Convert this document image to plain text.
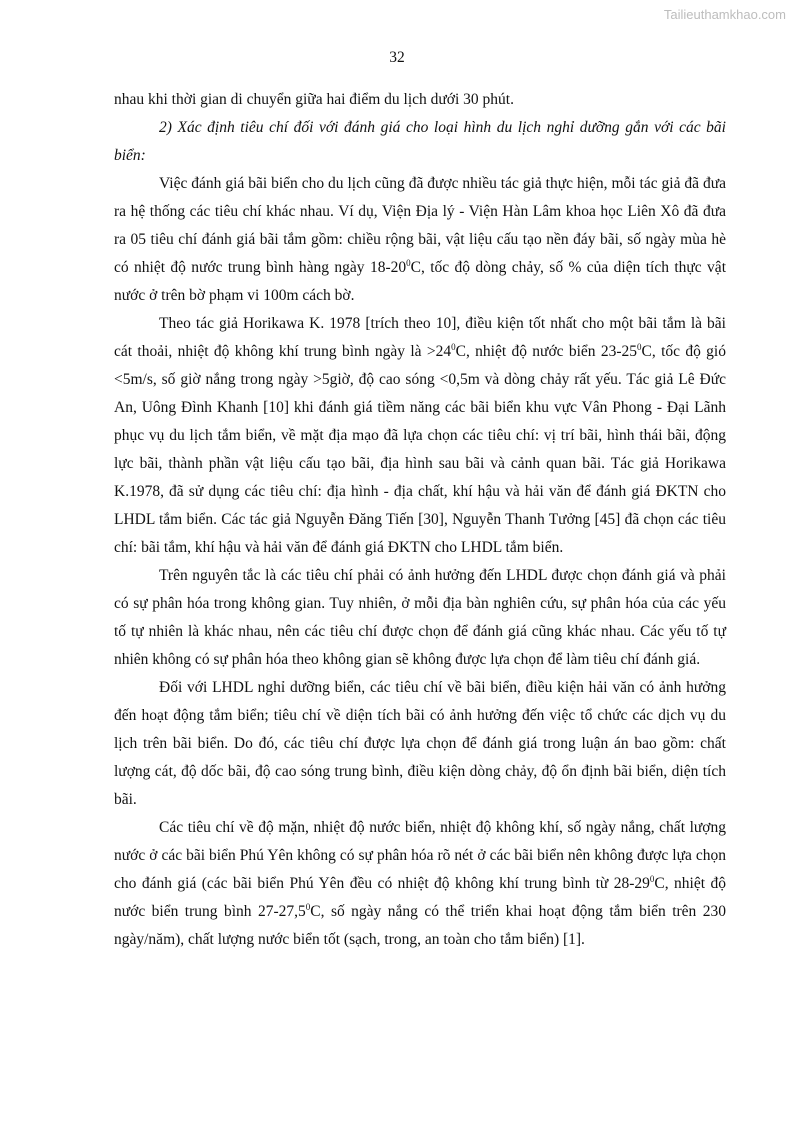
Tailieuthamkhao.com
32

nhau khi thời gian di chuyển giữa hai điểm du lịch dưới 30 phút.

2) Xác định tiêu chí đối với đánh giá cho loại hình du lịch nghỉ dưỡng gắn với các bãi biển:

Việc đánh giá bãi biển cho du lịch cũng đã được nhiều tác giả thực hiện, mỗi tác giả đã đưa ra hệ thống các tiêu chí khác nhau. Ví dụ, Viện Địa lý - Viện Hàn Lâm khoa học Liên Xô đã đưa ra 05 tiêu chí đánh giá bãi tắm gồm: chiều rộng bãi, vật liệu cấu tạo nền đáy bãi, số ngày mùa hè có nhiệt độ nước trung bình hàng ngày $18-20^0C$, tốc độ dòng chảy, số % của diện tích thực vật nước ở trên bờ phạm vi 100m cách bờ.

Theo tác giả Horikawa K. 1978 [trích theo 10], điều kiện tốt nhất cho một bãi tắm là bãi cát thoải, nhiệt độ không khí trung bình ngày là $>24^0C$, nhiệt độ nước biển $23-25^0C$, tốc độ gió <5m/s, số giờ nắng trong ngày >5giờ, độ cao sóng <0,5m và dòng chảy rất yếu. Tác giả Lê Đức An, Uông Đình Khanh [10] khi đánh giá tiềm năng các bãi biển khu vực Vân Phong - Đại Lãnh phục vụ du lịch tắm biển, về mặt địa mạo đã lựa chọn các tiêu chí: vị trí bãi, hình thái bãi, động lực bãi, thành phần vật liệu cấu tạo bãi, địa hình sau bãi và cảnh quan bãi. Tác giả Horikawa K.1978, đã sử dụng các tiêu chí: địa hình - địa chất, khí hậu và hải văn để đánh giá ĐKTN cho LHDL tắm biển. Các tác giả Nguyễn Đăng Tiến [30], Nguyễn Thanh Tưởng [45] đã chọn các tiêu chí: bãi tắm, khí hậu và hải văn để đánh giá ĐKTN cho LHDL tắm biển.

Trên nguyên tắc là các tiêu chí phải có ảnh hưởng đến LHDL được chọn đánh giá và phải có sự phân hóa trong không gian. Tuy nhiên, ở mỗi địa bàn nghiên cứu, sự phân hóa của các yếu tố tự nhiên là khác nhau, nên các tiêu chí được chọn để đánh giá cũng khác nhau. Các yếu tố tự nhiên không có sự phân hóa theo không gian sẽ không được lựa chọn để làm tiêu chí đánh giá.

Đối với LHDL nghỉ dưỡng biển, các tiêu chí về bãi biển, điều kiện hải văn có ảnh hưởng đến hoạt động tắm biển; tiêu chí về diện tích bãi có ảnh hưởng đến việc tổ chức các dịch vụ du lịch trên bãi biển. Do đó, các tiêu chí được lựa chọn để đánh giá trong luận án bao gồm: chất lượng cát, độ dốc bãi, độ cao sóng trung bình, điều kiện dòng chảy, độ ổn định bãi biển, diện tích bãi.

Các tiêu chí về độ mặn, nhiệt độ nước biển, nhiệt độ không khí, số ngày nắng, chất lượng nước ở các bãi biển Phú Yên không có sự phân hóa rõ nét ở các bãi biển nên không được lựa chọn cho đánh giá (các bãi biển Phú Yên đều có nhiệt độ không khí trung bình từ $28-29^0C$, nhiệt độ nước biển trung bình 27-27,5$^0$C, số ngày nắng có thể triển khai hoạt động tắm biển trên 230 ngày/năm), chất lượng nước biển tốt (sạch, trong, an toàn cho tắm biển) [1].
